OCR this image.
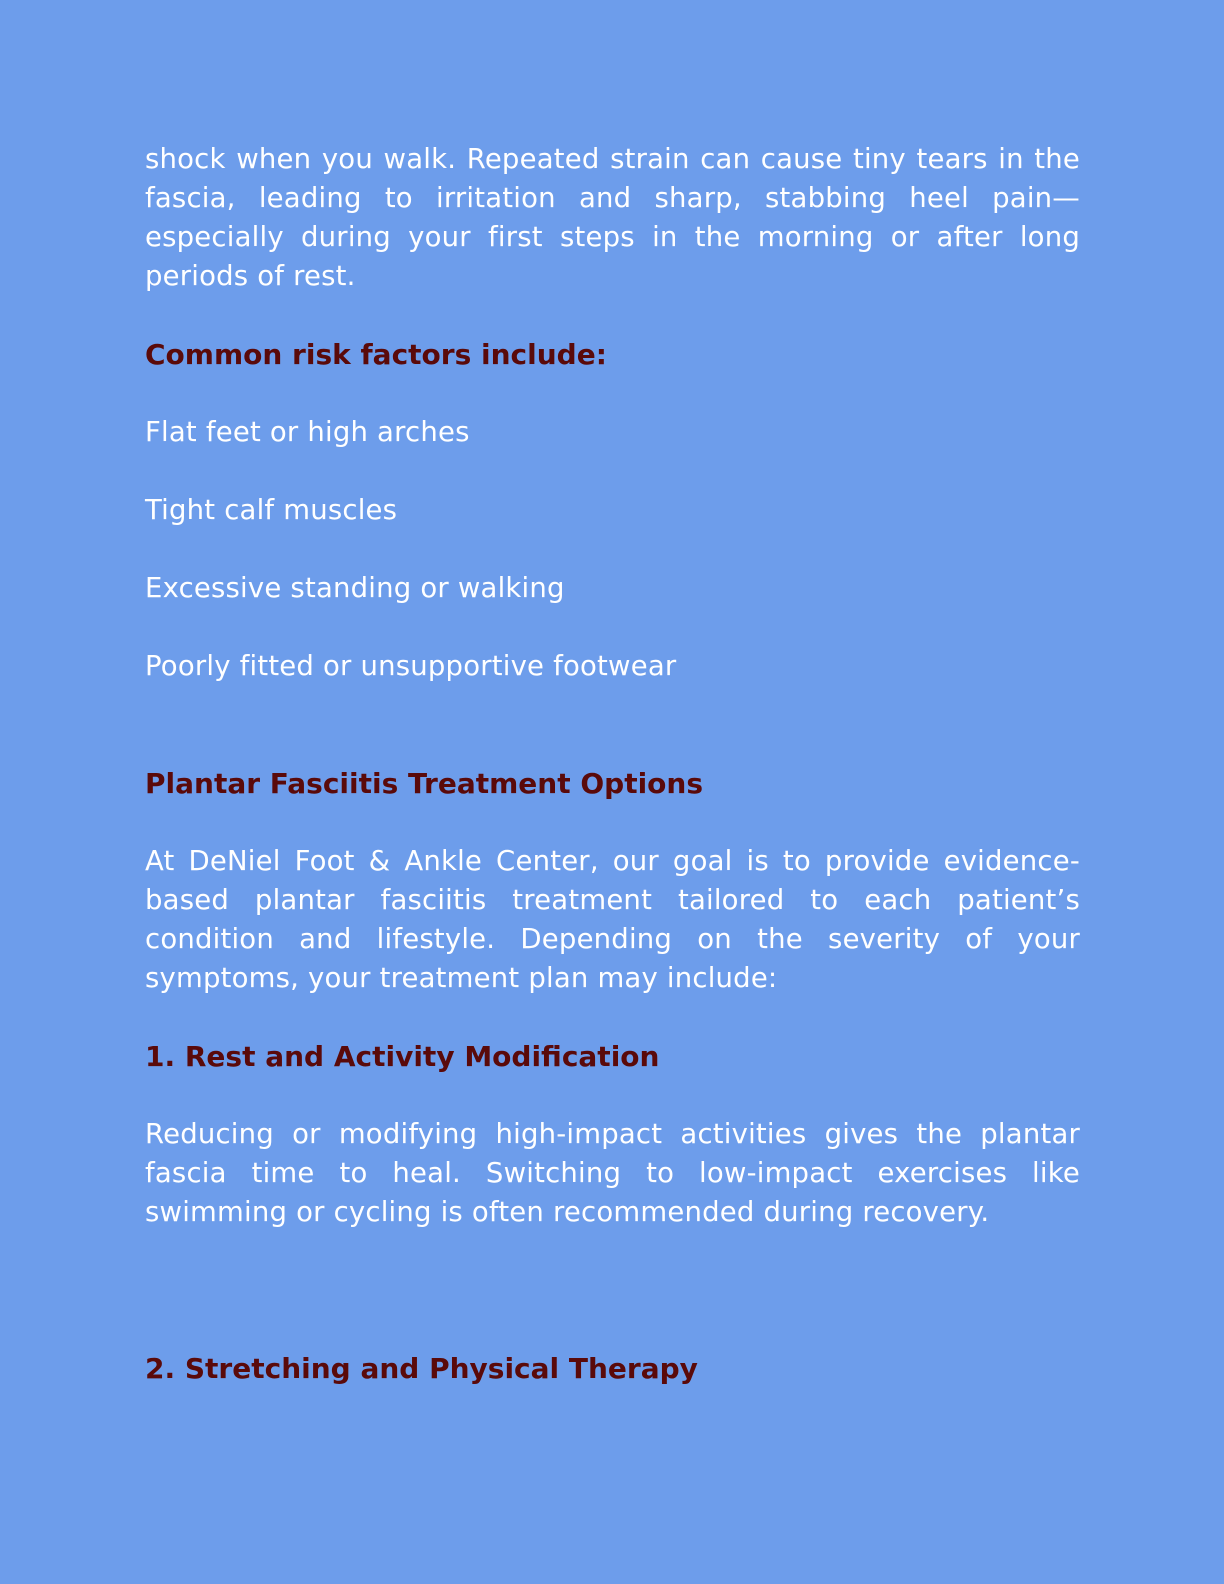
shock when you walk. Repeated strain can cause tiny tears in the fascia, leading to irritation and sharp, stabbing heel pain—especially during your first steps in the morning or after long periods of rest.

Common risk factors include:
Flat feet or high arches
Tight calf muscles
Excessive standing or walking
Poorly fitted or unsupportive footwear
Plantar Fasciitis Treatment Options

At DeNiel Foot & Ankle Center, our goal is to provide evidence-based plantar fasciitis treatment tailored to each patient’s condition and lifestyle. Depending on the severity of your symptoms, your treatment plan may include:

1. Rest and Activity Modification

Reducing or modifying high-impact activities gives the plantar fascia time to heal. Switching to low-impact exercises like swimming or cycling is often recommended during recovery.

2. Stretching and Physical Therapy
